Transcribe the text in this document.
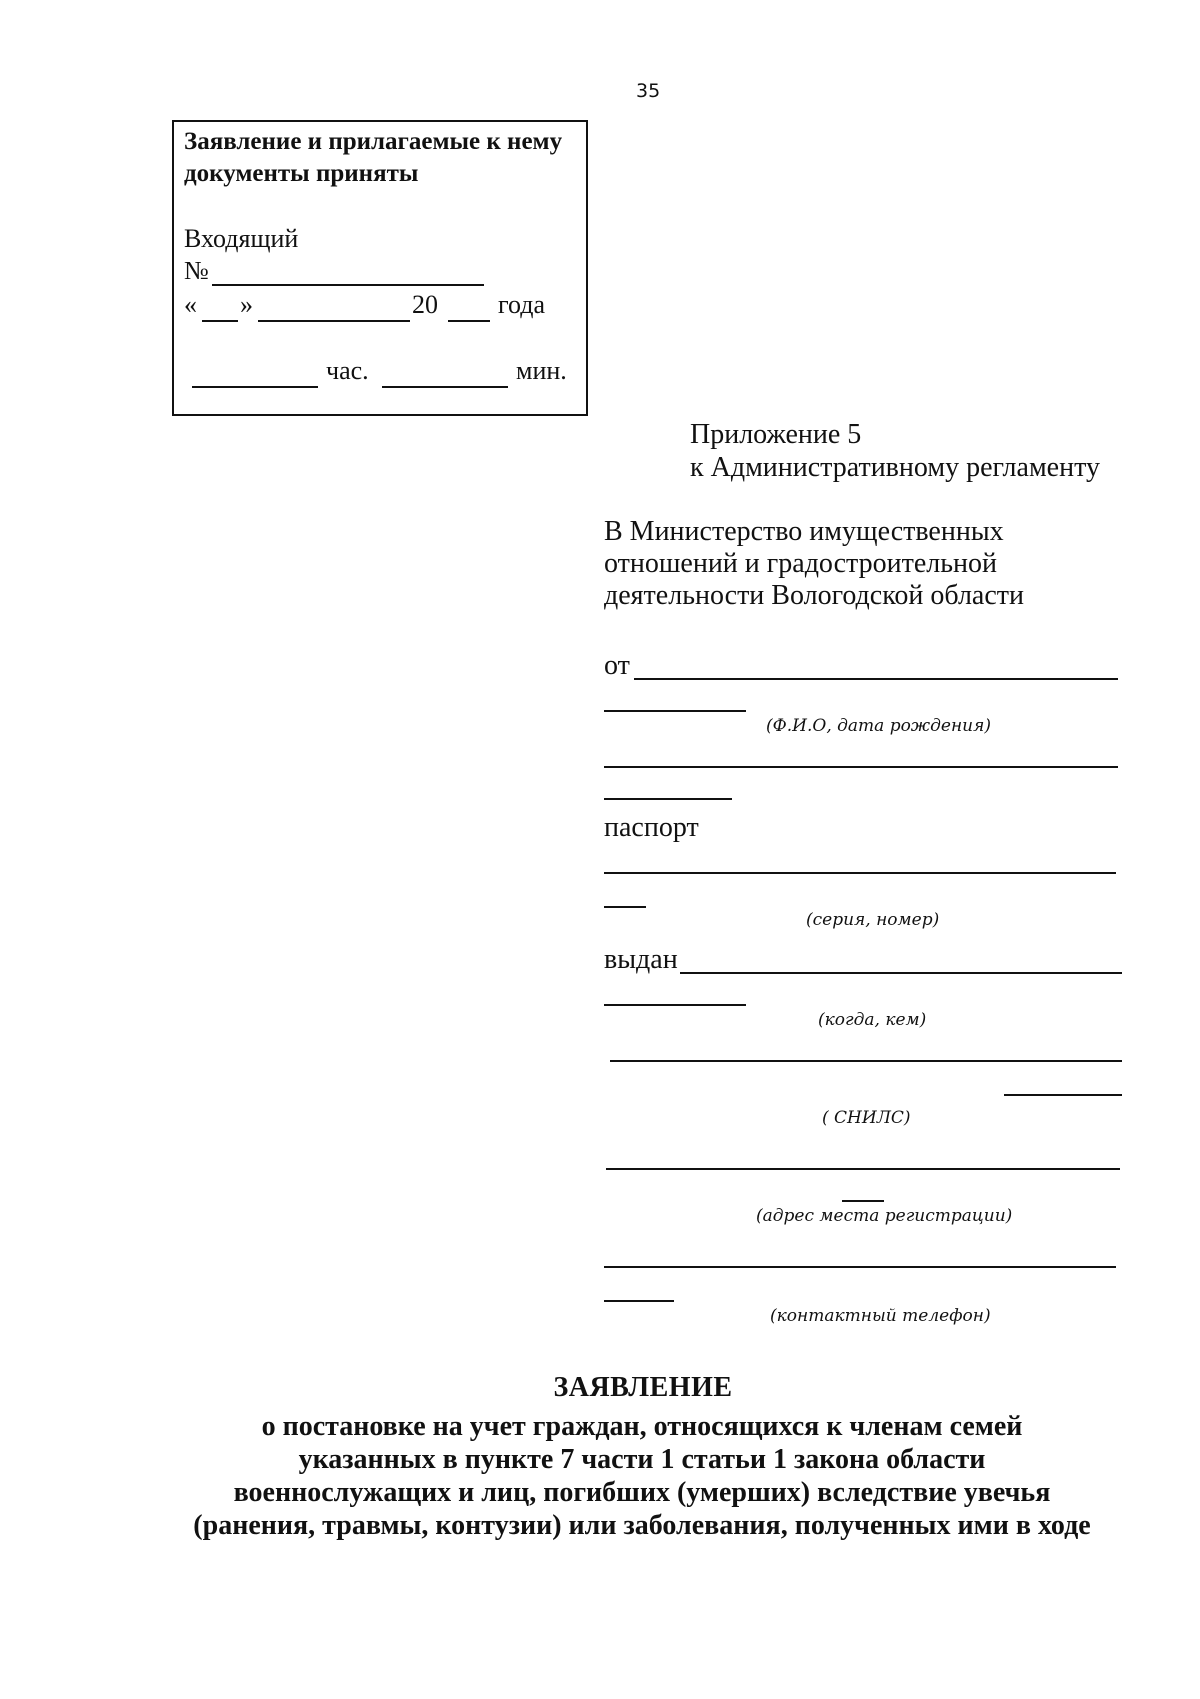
35
Заявление и прилагаемые к нему документы приняты
Входящий
№
« »	20 года
час.	мин.
Приложение 5
к Административному регламенту
В Министерство имущественных
отношений и градостроительной
деятельности Вологодской области
от
(Ф.И.О, дата рождения)
паспорт
(серия, номер)
выдан
(когда, кем)
( СНИЛС)
(адрес места регистрации)
(контактный телефон)
ЗАЯВЛЕНИЕ
о постановке на учет граждан, относящихся к членам семей
указанных в пункте 7 части 1 статьи 1 закона области
военнослужащих и лиц, погибших (умерших) вследствие увечья
(ранения, травмы, контузии) или заболевания, полученных ими в ходе
